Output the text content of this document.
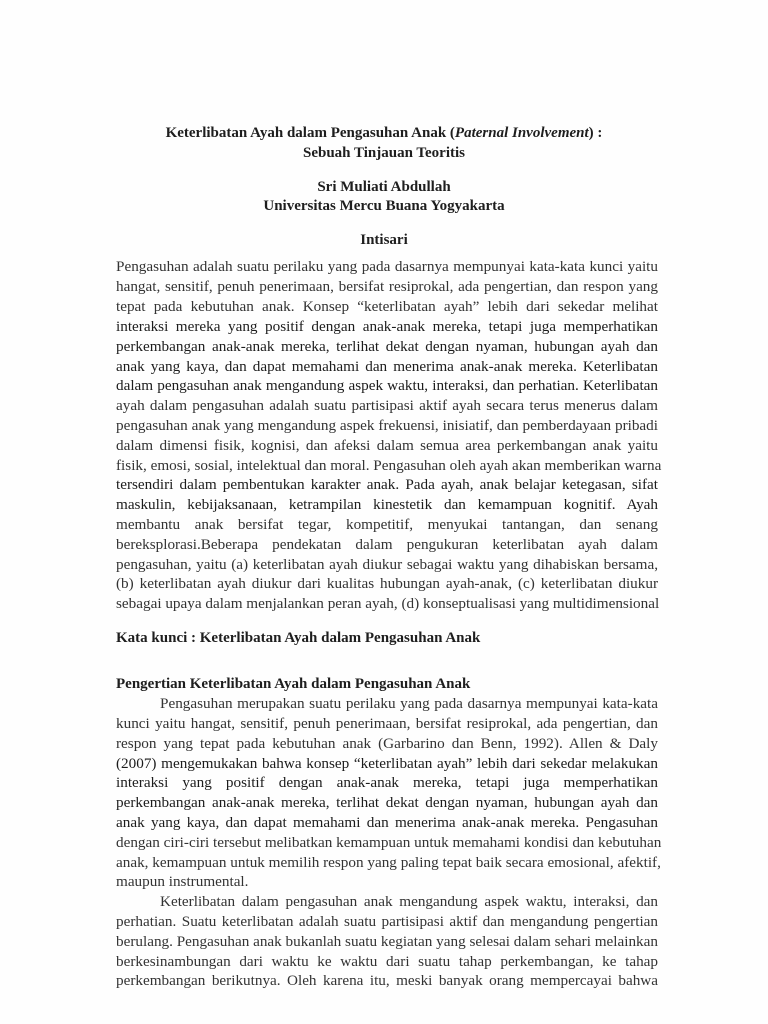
Keterlibatan Ayah dalam Pengasuhan Anak (Paternal Involvement) :
Sebuah Tinjauan Teoritis
Sri Muliati Abdullah
Universitas Mercu Buana Yogyakarta
Intisari
Pengasuhan adalah suatu perilaku yang pada dasarnya mempunyai kata-kata kunci yaitu
hangat, sensitif, penuh penerimaan, bersifat resiprokal, ada pengertian, dan respon yang
tepat pada kebutuhan anak. Konsep “keterlibatan ayah” lebih dari sekedar melihat
interaksi mereka yang positif dengan anak-anak mereka, tetapi juga memperhatikan
perkembangan anak-anak mereka, terlihat dekat dengan nyaman, hubungan ayah dan
anak yang kaya, dan dapat memahami dan menerima anak-anak mereka. Keterlibatan
dalam pengasuhan anak mengandung aspek waktu, interaksi, dan perhatian. Keterlibatan
ayah dalam pengasuhan adalah suatu partisipasi aktif ayah secara terus menerus dalam
pengasuhan anak yang mengandung aspek frekuensi, inisiatif, dan pemberdayaan pribadi
dalam dimensi fisik, kognisi, dan afeksi dalam semua area perkembangan anak yaitu
fisik, emosi, sosial, intelektual dan moral. Pengasuhan oleh ayah akan memberikan warna
tersendiri dalam pembentukan karakter anak. Pada ayah, anak belajar ketegasan, sifat
maskulin, kebijaksanaan, ketrampilan kinestetik dan kemampuan kognitif. Ayah
membantu anak bersifat tegar, kompetitif, menyukai tantangan, dan senang
bereksplorasi.Beberapa pendekatan dalam pengukuran keterlibatan ayah dalam
pengasuhan, yaitu (a) keterlibatan ayah diukur sebagai waktu yang dihabiskan bersama,
(b) keterlibatan ayah diukur dari kualitas hubungan ayah-anak, (c) keterlibatan diukur
sebagai upaya dalam menjalankan peran ayah, (d) konseptualisasi yang multidimensional
Kata kunci : Keterlibatan Ayah dalam Pengasuhan Anak
Pengertian Keterlibatan Ayah dalam Pengasuhan Anak
Pengasuhan merupakan suatu perilaku yang pada dasarnya mempunyai kata-kata
kunci yaitu hangat, sensitif, penuh penerimaan, bersifat resiprokal, ada pengertian, dan
respon yang tepat pada kebutuhan anak (Garbarino dan Benn, 1992). Allen & Daly
(2007) mengemukakan bahwa konsep “keterlibatan ayah” lebih dari sekedar melakukan
interaksi yang positif dengan anak-anak mereka, tetapi juga memperhatikan
perkembangan anak-anak mereka, terlihat dekat dengan nyaman, hubungan ayah dan
anak yang kaya, dan dapat memahami dan menerima anak-anak mereka. Pengasuhan
dengan ciri-ciri tersebut melibatkan kemampuan untuk memahami kondisi dan kebutuhan
anak, kemampuan untuk memilih respon yang paling tepat baik secara emosional, afektif,
maupun instrumental.
Keterlibatan dalam pengasuhan anak mengandung aspek waktu, interaksi, dan
perhatian. Suatu keterlibatan adalah suatu partisipasi aktif dan mengandung pengertian
berulang. Pengasuhan anak bukanlah suatu kegiatan yang selesai dalam sehari melainkan
berkesinambungan dari waktu ke waktu dari suatu tahap perkembangan, ke tahap
perkembangan berikutnya. Oleh karena itu, meski banyak orang mempercayai bahwa
